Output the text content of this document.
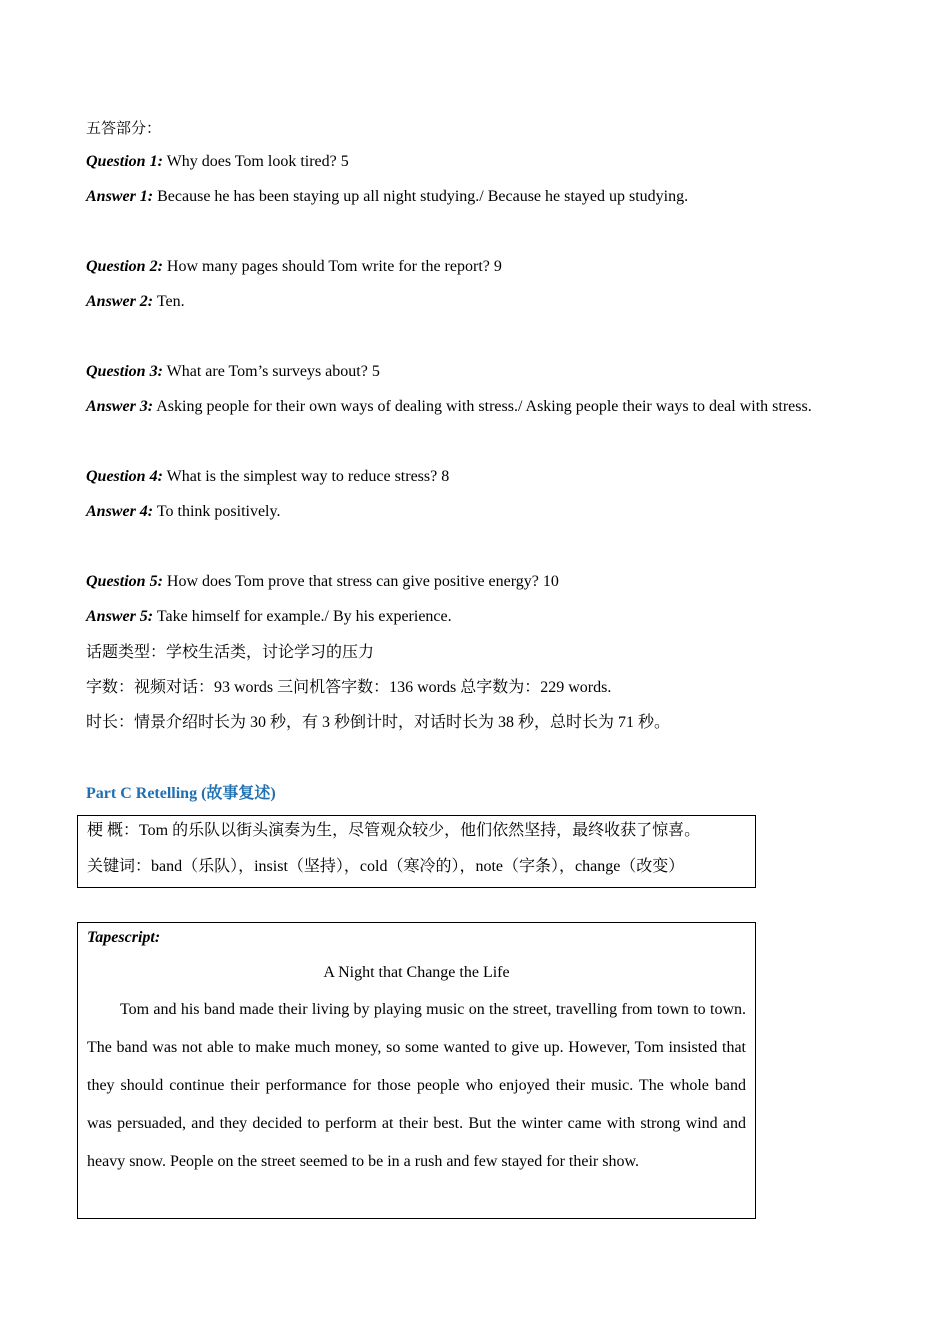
五答部分：
Question 1: Why does Tom look tired? 5
Answer 1: Because he has been staying up all night studying./ Because he stayed up studying.
Question 2: How many pages should Tom write for the report? 9
Answer 2: Ten.
Question 3: What are Tom’s surveys about? 5
Answer 3: Asking people for their own ways of dealing with stress./ Asking people their ways to deal with stress.
Question 4: What is the simplest way to reduce stress? 8
Answer 4: To think positively.
Question 5: How does Tom prove that stress can give positive energy? 10
Answer 5: Take himself for example./ By his experience.
话题类型：学校生活类，讨论学习的压力
字数：视频对话：93 words 三问机答字数：136 words 总字数为：229 words.
时长：情景介绍时长为 30 秒，有 3 秒倒计时，对话时长为 38 秒，总时长为 71 秒。
Part C Retelling (故事复述)
梗 概：Tom 的乐队以街头演奏为生，尽管观众较少，他们依然坚持，最终收获了惊喜。
关键词：band（乐队），insist（坚持），cold（寒冷的），note（字条），change（改变）
Tapescript:
A Night that Change the Life

Tom and his band made their living by playing music on the street, travelling from town to town. The band was not able to make much money, so some wanted to give up. However, Tom insisted that they should continue their performance for those people who enjoyed their music. The whole band was persuaded, and they decided to perform at their best. But the winter came with strong wind and heavy snow. People on the street seemed to be in a rush and few stayed for their show.
